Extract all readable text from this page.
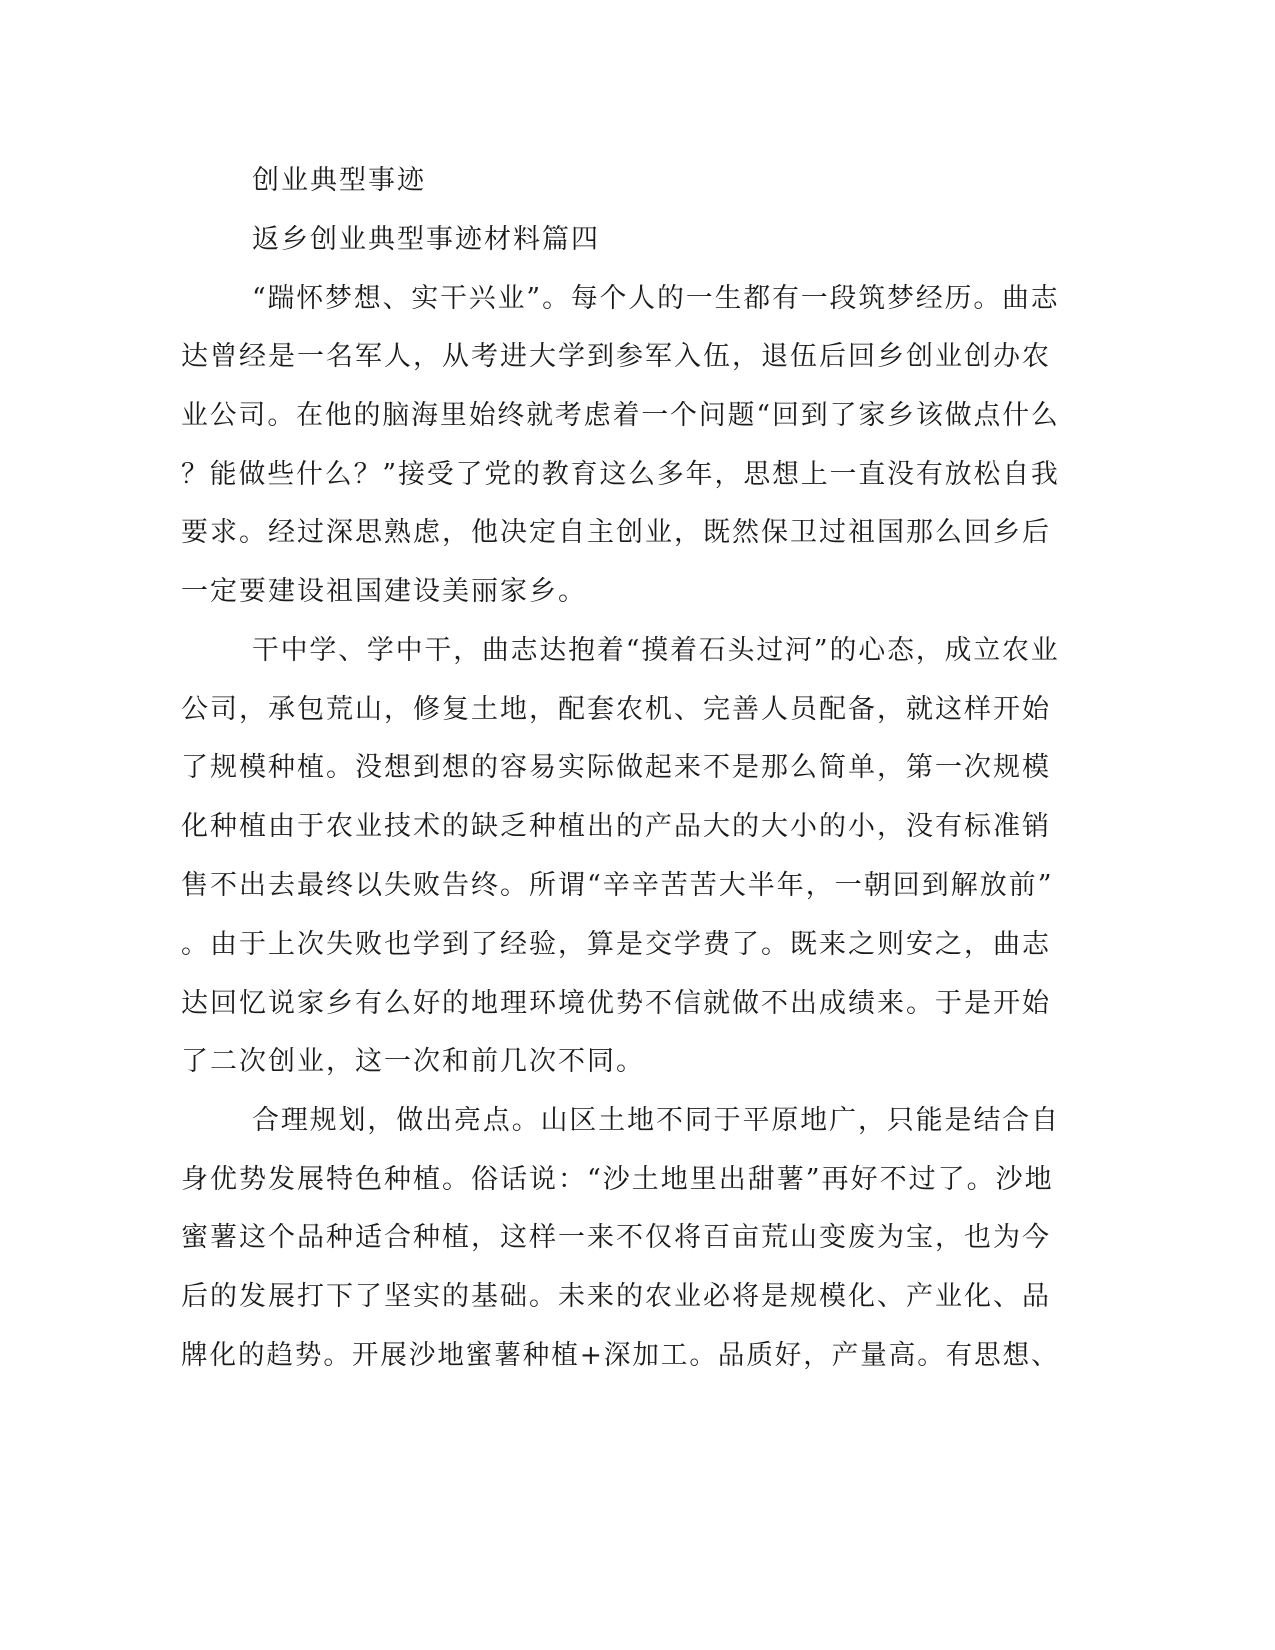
创业典型事迹
返乡创业典型事迹材料篇四
“踹怀梦想、实干兴业”。每个人的一生都有一段筑梦经历。曲志
达曾经是一名军人，从考进大学到参军入伍，退伍后回乡创业创办农
业公司。在他的脑海里始终就考虑着一个问题“回到了家乡该做点什么
？能做些什么？”接受了党的教育这么多年，思想上一直没有放松自我
要求。经过深思熟虑，他决定自主创业，既然保卫过祖国那么回乡后
一定要建设祖国建设美丽家乡。
干中学、学中干，曲志达抱着“摸着石头过河”的心态，成立农业
公司，承包荒山，修复土地，配套农机、完善人员配备，就这样开始
了规模种植。没想到想的容易实际做起来不是那么简单，第一次规模
化种植由于农业技术的缺乏种植出的产品大的大小的小，没有标准销
售不出去最终以失败告终。所谓“辛辛苦苦大半年，一朝回到解放前”
。由于上次失败也学到了经验，算是交学费了。既来之则安之，曲志
达回忆说家乡有么好的地理环境优势不信就做不出成绩来。于是开始
了二次创业，这一次和前几次不同。
合理规划，做出亮点。山区土地不同于平原地广，只能是结合自
身优势发展特色种植。俗话说：“沙土地里出甜薯”再好不过了。沙地
蜜薯这个品种适合种植，这样一来不仅将百亩荒山变废为宝，也为今
后的发展打下了坚实的基础。未来的农业必将是规模化、产业化、品
牌化的趋势。开展沙地蜜薯种植+深加工。品质好，产量高。有思想、
